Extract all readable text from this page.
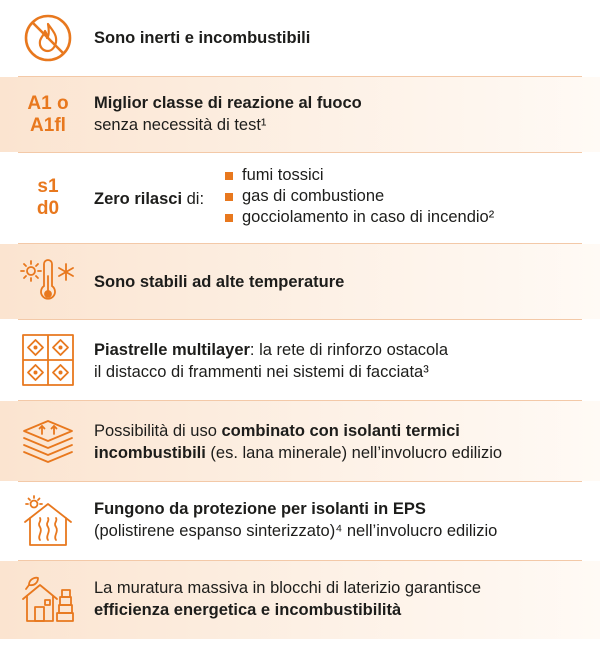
Sono inerti e incombustibili
A1 o
A1fl
Miglior classe di reazione al fuoco
senza necessità di test¹
s1
d0 Zero rilasci di:
fumi tossici
gas di combustione
gocciolamento in caso di incendio²
Sono stabili ad alte temperature
Piastrelle multilayer: la rete di rinforzo ostacola
il distacco di frammenti nei sistemi di facciata³
Possibilità di uso combinato con isolanti termici
incombustibili (es. lana minerale) nell’involucro edilizio
Fungono da protezione per isolanti in EPS
(polistirene espanso sinterizzato)⁴ nell’involucro edilizio
La muratura massiva in blocchi di laterizio garantisce
efficienza energetica e incombustibilità
